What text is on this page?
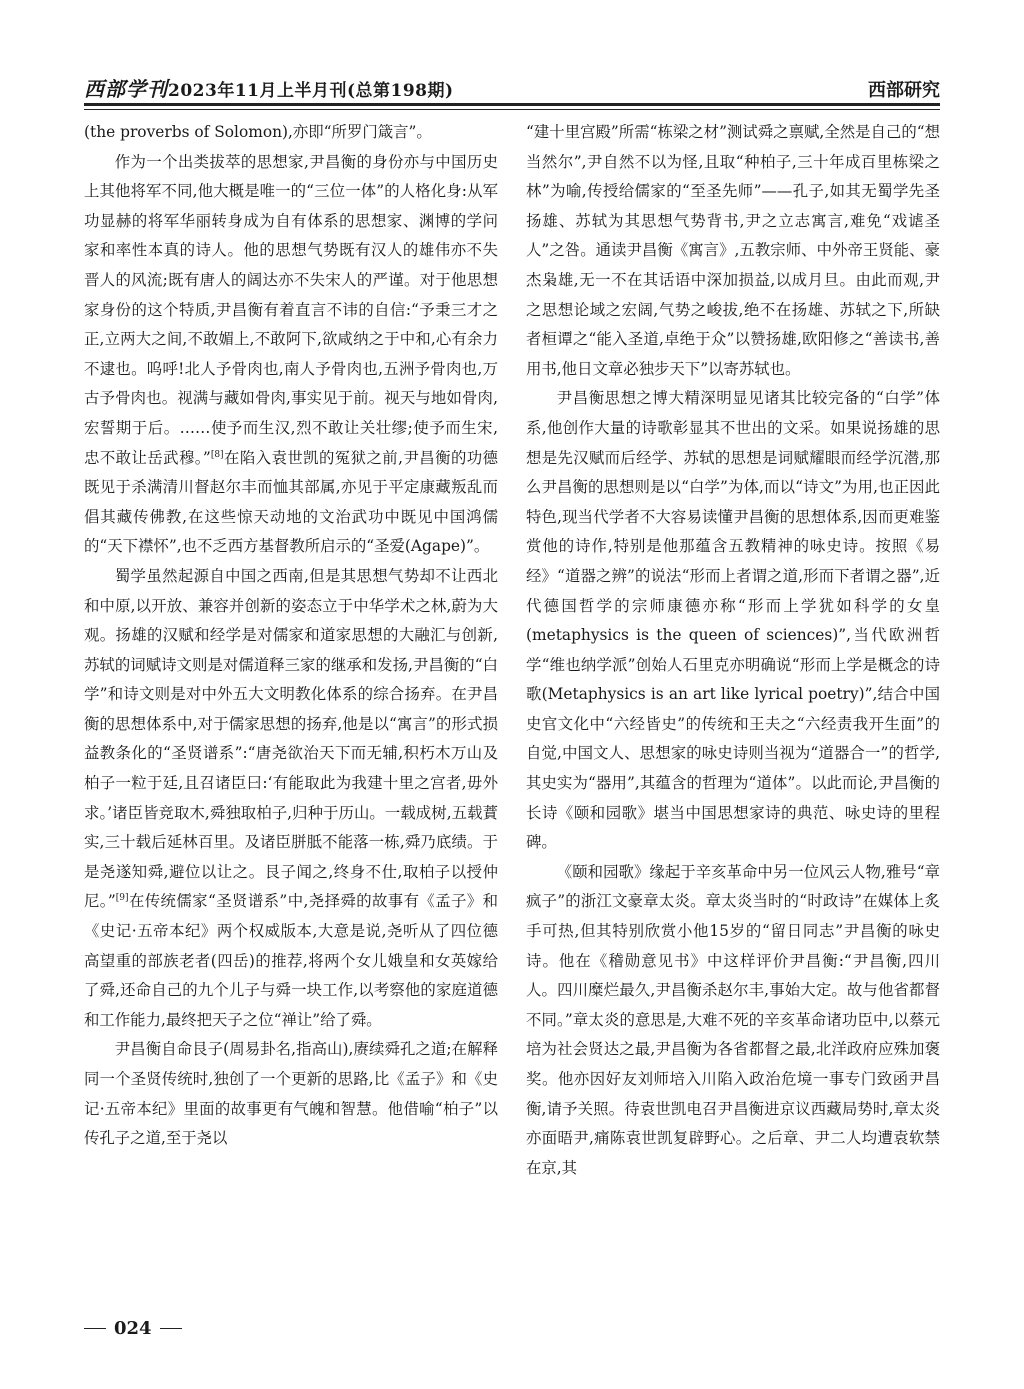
西部学刊 2023年11月上半月刊(总第198期)	西部研究

(the proverbs of Solomon),亦即“所罗门箴言”。

作为一个出类拔萃的思想家,尹昌衡的身份亦与中国历史上其他将军不同,他大概是唯一的“三位一体”的人格化身:从军功显赫的将军华丽转身成为自有体系的思想家、渊博的学问家和率性本真的诗人。他的思想气势既有汉人的雄伟亦不失晋人的风流;既有唐人的阔达亦不失宋人的严谨。对于他思想家身份的这个特质,尹昌衡有着直言不讳的自信:“予秉三才之正,立两大之间,不敢媚上,不敢阿下,欲咸纳之于中和,心有余力不逮也。呜呼!北人予骨肉也,南人予骨肉也,五洲予骨肉也,万古予骨肉也。视满与藏如骨肉,事实见于前。视天与地如骨肉,宏誓期于后。……使予而生汉,烈不敢让关壮缪;使予而生宋,忠不敢让岳武穆。”[8]在陷入袁世凯的冤狱之前,尹昌衡的功德既见于杀满清川督赵尔丰而恤其部属,亦见于平定康藏叛乱而倡其藏传佛教,在这些惊天动地的文治武功中既见中国鸿儒的“天下襟怀”,也不乏西方基督教所启示的“圣爱(Agape)”。

蜀学虽然起源自中国之西南,但是其思想气势却不让西北和中原,以开放、兼容并创新的姿态立于中华学术之林,蔚为大观。扬雄的汉赋和经学是对儒家和道家思想的大融汇与创新,苏轼的词赋诗文则是对儒道释三家的继承和发扬,尹昌衡的“白学”和诗文则是对中外五大文明教化体系的综合扬弃。在尹昌衡的思想体系中,对于儒家思想的扬弃,他是以“寓言”的形式损益教条化的“圣贤谱系”:“唐尧欲治天下而无辅,积朽木万山及柏子一粒于廷,且召诸臣曰:‘有能取此为我建十里之宫者,毋外求。’诸臣皆竞取木,舜独取柏子,归种于历山。一载成树,五载蕡实,三十载后延林百里。及诸臣胼胝不能落一栋,舜乃底绩。于是尧遂知舜,避位以让之。艮子闻之,终身不仕,取柏子以授仲尼。”[9]在传统儒家“圣贤谱系”中,尧择舜的故事有《孟子》和《史记·五帝本纪》两个权威版本,大意是说,尧听从了四位德高望重的部族老者(四岳)的推荐,将两个女儿娥皇和女英嫁给了舜,还命自己的九个儿子与舜一块工作,以考察他的家庭道德和工作能力,最终把天子之位“禅让”给了舜。

尹昌衡自命艮子(周易卦名,指高山),赓续舜孔之道;在解释同一个圣贤传统时,独创了一个更新的思路,比《孟子》和《史记·五帝本纪》里面的故事更有气魄和智慧。他借喻“柏子”以传孔子之道,至于尧以

“建十里宫殿”所需“栋梁之材”测试舜之禀赋,全然是自己的“想当然尔”,尹自然不以为怪,且取“种柏子,三十年成百里栋梁之林”为喻,传授给儒家的“至圣先师”——孔子,如其无蜀学先圣扬雄、苏轼为其思想气势背书,尹之立志寓言,难免“戏谑圣人”之咎。通读尹昌衡《寓言》,五教宗师、中外帝王贤能、豪杰枭雄,无一不在其话语中深加损益,以成月旦。由此而观,尹之思想论域之宏阔,气势之峻拔,绝不在扬雄、苏轼之下,所缺者桓谭之“能入圣道,卓绝于众”以赞扬雄,欧阳修之“善读书,善用书,他日文章必独步天下”以寄苏轼也。

尹昌衡思想之博大精深明显见诸其比较完备的“白学”体系,他创作大量的诗歌彰显其不世出的文采。如果说扬雄的思想是先汉赋而后经学、苏轼的思想是词赋耀眼而经学沉潜,那么尹昌衡的思想则是以“白学”为体,而以“诗文”为用,也正因此特色,现当代学者不大容易读懂尹昌衡的思想体系,因而更难鉴赏他的诗作,特别是他那蕴含五教精神的咏史诗。按照《易经》“道器之辨”的说法“形而上者谓之道,形而下者谓之器”,近代德国哲学的宗师康德亦称“形而上学犹如科学的女皇(metaphysics is the queen of sciences)”,当代欧洲哲学“维也纳学派”创始人石里克亦明确说“形而上学是概念的诗歌(Metaphysics is an art like lyrical poetry)”,结合中国史官文化中“六经皆史”的传统和王夫之“六经责我开生面”的自觉,中国文人、思想家的咏史诗则当视为“道器合一”的哲学,其史实为“器用”,其蕴含的哲理为“道体”。以此而论,尹昌衡的长诗《颐和园歌》堪当中国思想家诗的典范、咏史诗的里程碑。

《颐和园歌》缘起于辛亥革命中另一位风云人物,雅号“章疯子”的浙江文豪章太炎。章太炎当时的“时政诗”在媒体上炙手可热,但其特别欣赏小他15岁的“留日同志”尹昌衡的咏史诗。他在《稽勋意见书》中这样评价尹昌衡:“尹昌衡,四川人。四川糜烂最久,尹昌衡杀赵尔丰,事始大定。故与他省都督不同。”章太炎的意思是,大难不死的辛亥革命诸功臣中,以蔡元培为社会贤达之最,尹昌衡为各省都督之最,北洋政府应殊加褒奖。他亦因好友刘师培入川陷入政治危境一事专门致函尹昌衡,请予关照。待袁世凯电召尹昌衡进京议西藏局势时,章太炎亦面晤尹,痛陈袁世凯复辟野心。之后章、尹二人均遭袁软禁在京,其

024
